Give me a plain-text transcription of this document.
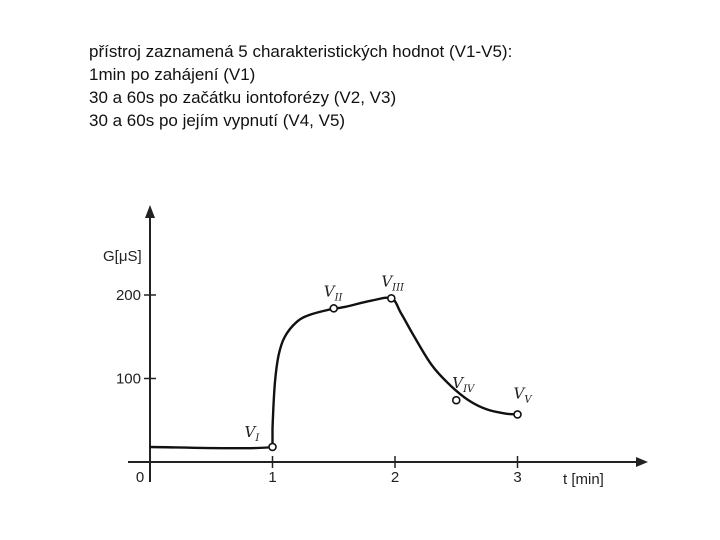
přístroj zaznamená 5 charakteristických hodnot (V1-V5):
1min po zahájení (V1)
30 a 60s po začátku iontoforézy (V2, V3)
30 a 60s po jejím vypnutí (V4, V5)
0	1	2	3
100
200
$V_I$
$V_{II}$
$V_{III}$
$V_{IV}$	$V_V$
G[μS]
t [min]
